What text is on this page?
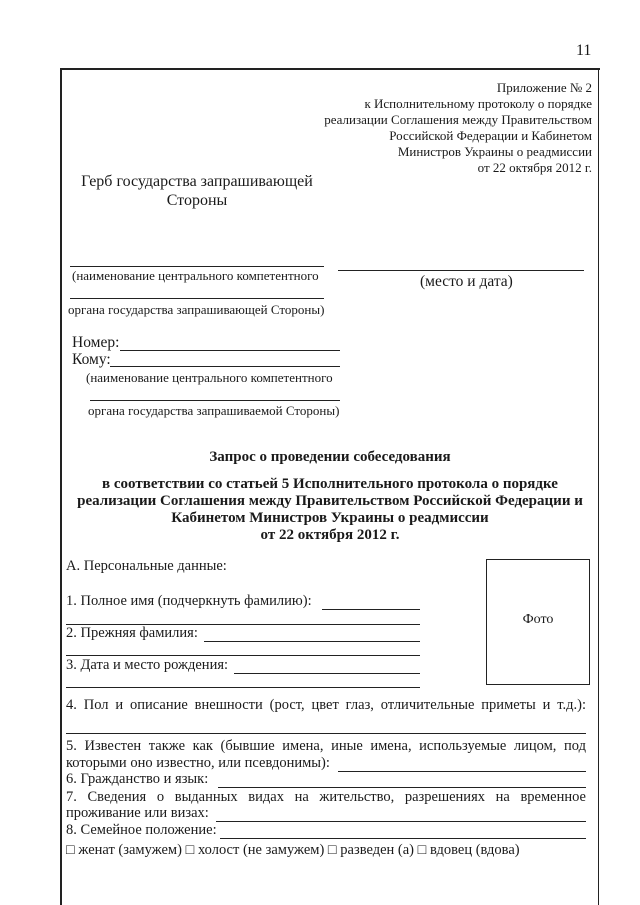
11
Приложение № 2
к Исполнительному протоколу о порядке
реализации Соглашения между Правительством
Российской Федерации и Кабинетом
Министров Украины о реадмиссии
от 22 октября 2012 г.
Герб государства запрашивающей
Стороны
(наименование центрального компетентного
органа государства запрашивающей Стороны)
(место и дата)
Номер:
Кому:
(наименование центрального компетентного
органа государства запрашиваемой Стороны)
Запрос о проведении собеседования
в соответствии со статьей 5 Исполнительного протокола о порядке
реализации Соглашения между Правительством Российской Федерации и
Кабинетом Министров Украины о реадмиссии
от 22 октября 2012 г.
А. Персональные данные:
Фото
1. Полное имя (подчеркнуть фамилию):
2. Прежняя фамилия:
3. Дата и место рождения:
4. Пол и описание внешности (рост, цвет глаз, отличительные приметы и т.д.):
5. Известен также как (бывшие имена, иные имена, используемые лицом, под
которыми оно известно, или псевдонимы):
6. Гражданство и язык:
7. Сведения о выданных видах на жительство, разрешениях на временное
проживание или визах:
8. Семейное положение:
□ женат (замужем) □ холост (не замужем) □ разведен (а) □ вдовец (вдова)
